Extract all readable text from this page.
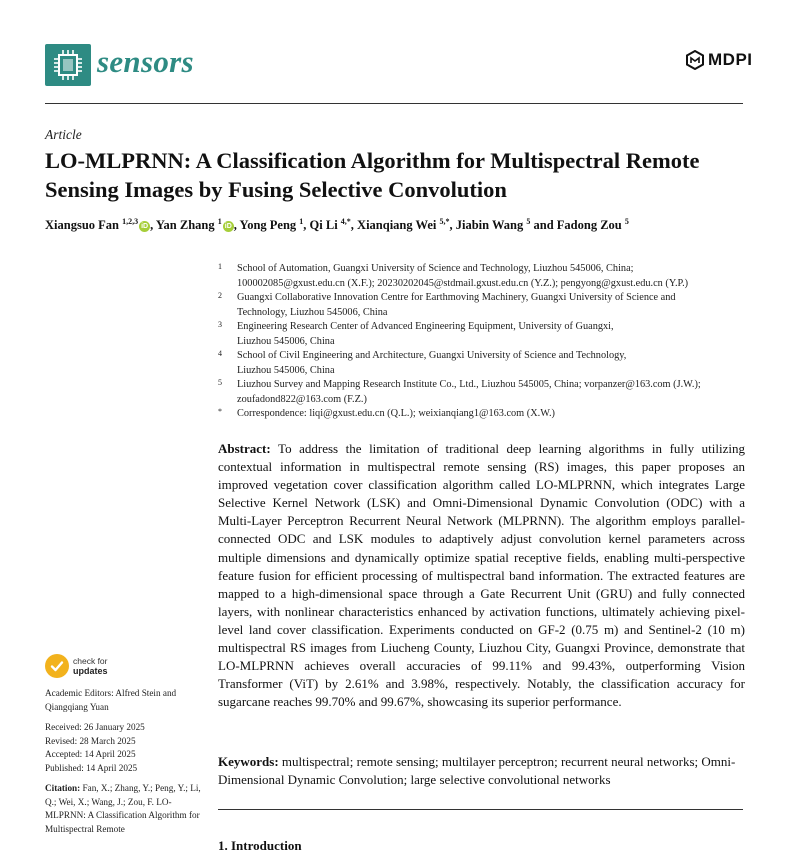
sensors	MDPI
Article
LO-MLPRNN: A Classification Algorithm for Multispectral Remote Sensing Images by Fusing Selective Convolution
Xiangsuo Fan $^{1,2,3}$iD , Yan Zhang $^1$iD , Yong Peng $^1$, Qi Li $^{4,*}$, Xianqiang Wei $^{5,*}$, Jiabin Wang $^5$ and Fadong Zou $^5$
1 School of Automation, Guangxi University of Science and Technology, Liuzhou 545006, China;
100002085@gxust.edu.cn (X.F.); 20230202045@stdmail.gxust.edu.cn (Y.Z.); pengyong@gxust.edu.cn (Y.P.)
2 Guangxi Collaborative Innovation Centre for Earthmoving Machinery, Guangxi University of Science and
Technology, Liuzhou 545006, China
3 Engineering Research Center of Advanced Engineering Equipment, University of Guangxi,
Liuzhou 545006, China
4 School of Civil Engineering and Architecture, Guangxi University of Science and Technology,
Liuzhou 545006, China
5 Liuzhou Survey and Mapping Research Institute Co., Ltd., Liuzhou 545005, China; vorpanzer@163.com (J.W.);
zoufadond822@163.com (F.Z.)
* Correspondence: liqi@gxust.edu.cn (Q.L.); weixianqiang1@163.com (X.W.)
Abstract: To address the limitation of traditional deep learning algorithms in fully utilizing contextual information in multispectral remote sensing (RS) images, this paper proposes an improved vegetation cover classification algorithm called LO-MLPRNN, which integrates Large Selective Kernel Network (LSK) and Omni-Dimensional Dynamic Convolution (ODC) with a Multi-Layer Perceptron Recurrent Neural Network (MLPRNN). The algorithm employs parallel-connected ODC and LSK modules to adaptively adjust convolution kernel parameters across multiple dimensions and dynamically optimize spatial receptive fields, enabling multi-perspective feature fusion for efficient processing of multispectral band information. The extracted features are mapped to a high-dimensional space through a Gate Recurrent Unit (GRU) and fully connected layers, with nonlinear characteristics enhanced by activation functions, ultimately achieving pixel-level land cover classification. Experiments conducted on GF-2 (0.75 m) and Sentinel-2 (10 m) multispectral RS images from Liucheng County, Liuzhou City, Guangxi Province, demonstrate that LO-MLPRNN achieves overall accuracies of 99.11% and 99.43%, outperforming Vision Transformer (ViT) by 2.61% and 3.98%, respectively. Notably, the classification accuracy for sugarcane reaches 99.70% and 99.67%, showcasing its superior performance.
Keywords: multispectral; remote sensing; multilayer perceptron; recurrent neural networks; Omni-Dimensional Dynamic Convolution; large selective convolutional networks
1. Introduction
check for
updates
Academic Editors: Alfred Stein and Qiangqiang Yuan
Received: 26 January 2025
Revised: 28 March 2025
Accepted: 14 April 2025
Published: 14 April 2025
Citation: Fan, X.; Zhang, Y.; Peng, Y.; Li, Q.; Wei, X.; Wang, J.; Zou, F. LO-MLPRNN: A Classification Algorithm for Multispectral Remote
